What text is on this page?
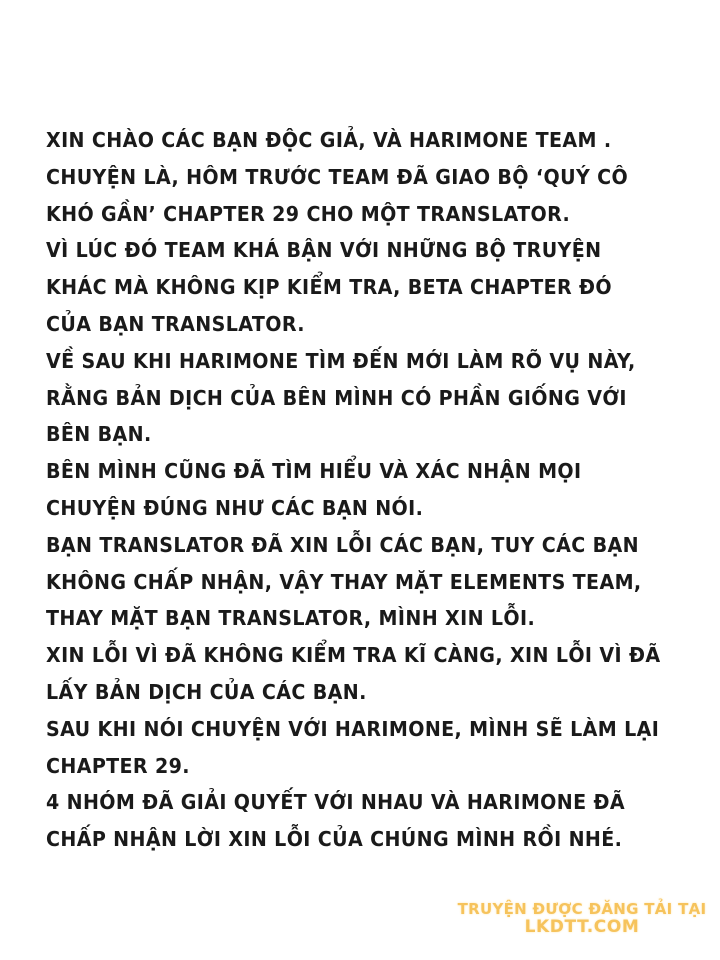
XIN CHÀO CÁC BẠN ĐỘC GIẢ, VÀ HARIMONE TEAM .
CHUYỆN LÀ, HÔM TRƯỚC TEAM ĐÃ GIAO BỘ ‘QUÝ CÔ
KHÓ GẦN’ CHAPTER 29 CHO MỘT TRANSLATOR.
VÌ LÚC ĐÓ TEAM KHÁ BẬN VỚI NHỮNG BỘ TRUYỆN
KHÁC MÀ KHÔNG KỊP KIỂM TRA, BETA CHAPTER ĐÓ
CỦA BẠN TRANSLATOR.
VỀ SAU KHI HARIMONE TÌM ĐẾN MỚI LÀM RÕ VỤ NÀY,
RẰNG BẢN DỊCH CỦA BÊN MÌNH CÓ PHẦN GIỐNG VỚI
BÊN BẠN.
BÊN MÌNH CŨNG ĐÃ TÌM HIỂU VÀ XÁC NHẬN MỌI
CHUYỆN ĐÚNG NHƯ CÁC BẠN NÓI.
BẠN TRANSLATOR ĐÃ XIN LỖI CÁC BẠN, TUY CÁC BẠN
KHÔNG CHẤP NHẬN, VẬY THAY MẶT ELEMENTS TEAM,
THAY MẶT BẠN TRANSLATOR, MÌNH XIN LỖI.
XIN LỖI VÌ ĐÃ KHÔNG KIỂM TRA KĨ CÀNG, XIN LỖI VÌ ĐÃ
LẤY BẢN DỊCH CỦA CÁC BẠN.
SAU KHI NÓI CHUYỆN VỚI HARIMONE, MÌNH SẼ LÀM LẠI
CHAPTER 29.
4 NHÓM ĐÃ GIẢI QUYẾT VỚI NHAU VÀ HARIMONE ĐÃ
CHẤP NHẬN LỜI XIN LỖI CỦA CHÚNG MÌNH RỒI NHÉ.
TRUYỆN ĐƯỢC ĐĂNG TẢI TẠI
LKDTT.COM
